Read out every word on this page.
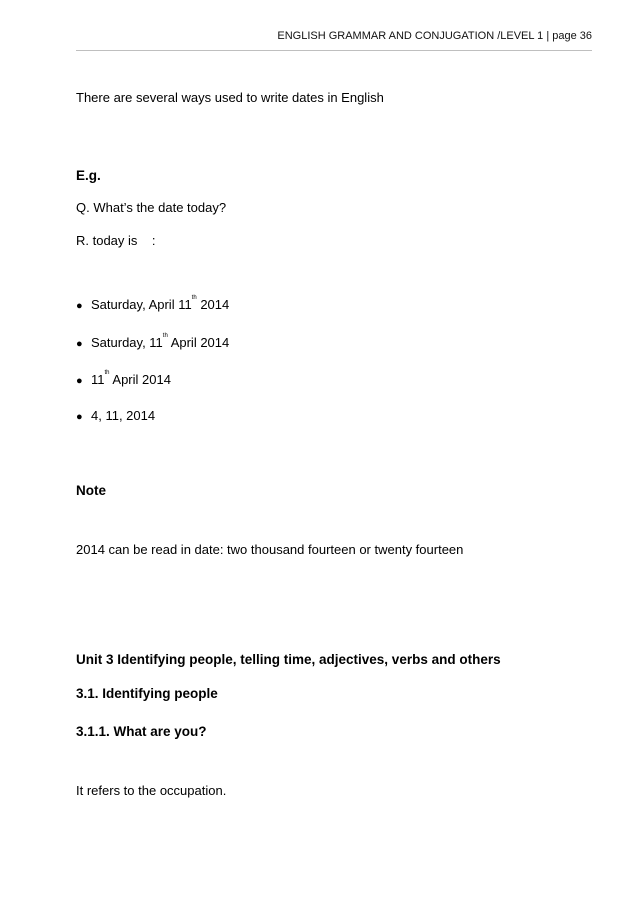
ENGLISH GRAMMAR AND CONJUGATION /LEVEL 1 | page 36
There are several ways used to write dates in English
E.g.
Q. What’s the date today?
R. today is    :
● Saturday, April 11th 2014
● Saturday, 11th April 2014
● 11th April 2014
● 4, 11, 2014
Note
2014 can be read in date: two thousand fourteen or twenty fourteen
Unit 3 Identifying people, telling time, adjectives, verbs and others
3.1. Identifying people
3.1.1. What are you?
It refers to the occupation.
